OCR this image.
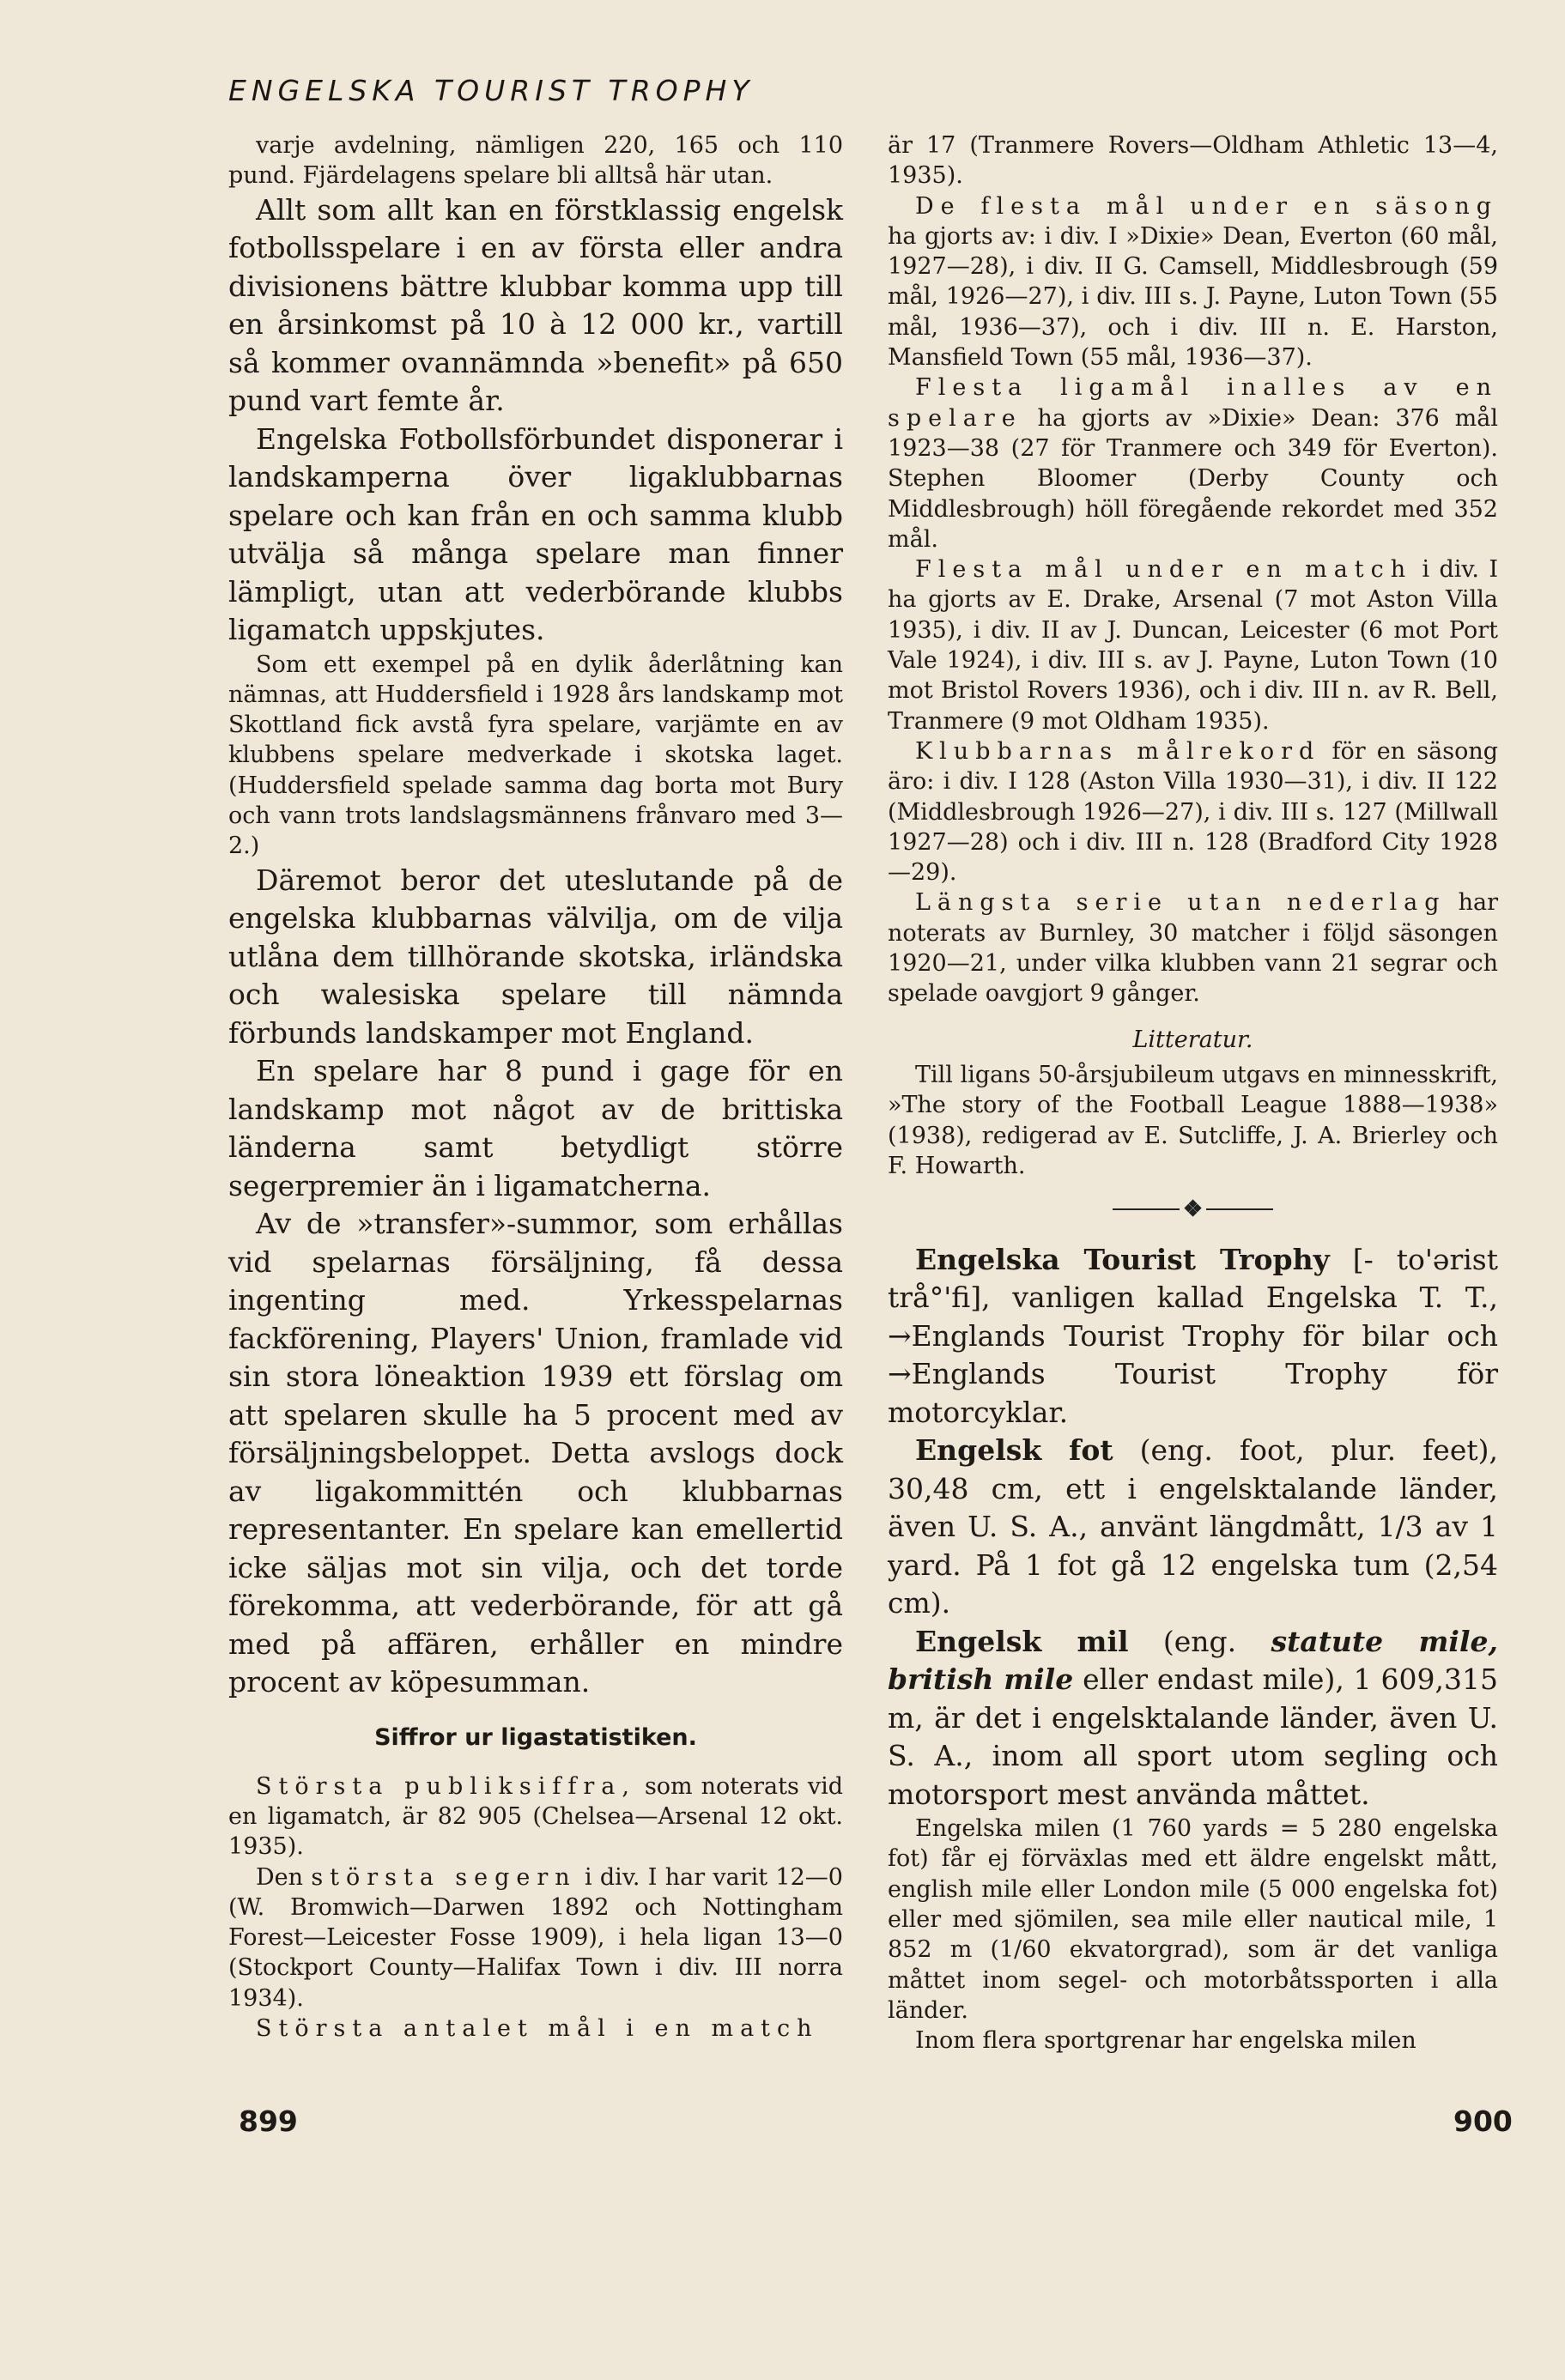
ENGELSKA TOURIST TROPHY

varje avdelning, nämligen 220, 165 och 110 pund. Fjärdelagens spelare bli alltså här utan.

Allt som allt kan en förstklassig engelsk fotbollsspelare i en av första eller andra divisionens bättre klubbar komma upp till en årsinkomst på 10 à 12 000 kr., vartill så kommer ovannämnda »benefit» på 650 pund vart femte år.

Engelska Fotbollsförbundet disponerar i landskamperna över ligaklubbarnas spelare och kan från en och samma klubb utvälja så många spelare man finner lämpligt, utan att vederbörande klubbs ligamatch uppskjutes.

Som ett exempel på en dylik åderlåtning kan nämnas, att Huddersfield i 1928 års landskamp mot Skottland fick avstå fyra spelare, varjämte en av klubbens spelare medverkade i skotska laget. (Huddersfield spelade samma dag borta mot Bury och vann trots landslagsmännens frånvaro med 3—2.)

Däremot beror det uteslutande på de engelska klubbarnas välvilja, om de vilja utlåna dem tillhörande skotska, irländska och walesiska spelare till nämnda förbunds landskamper mot England.

En spelare har 8 pund i gage för en landskamp mot något av de brittiska länderna samt betydligt större segerpremier än i ligamatcherna.

Av de »transfer»-summor, som erhållas vid spelarnas försäljning, få dessa ingenting med. Yrkesspelarnas fackförening, Players' Union, framlade vid sin stora löneaktion 1939 ett förslag om att spelaren skulle ha 5 procent med av försäljningsbeloppet. Detta avslogs dock av ligakommittén och klubbarnas representanter. En spelare kan emellertid icke säljas mot sin vilja, och det torde förekomma, att vederbörande, för att gå med på affären, erhåller en mindre procent av köpesumman.

Siffror ur ligastatistiken.

Största publiksiffra, som noterats vid en ligamatch, är 82 905 (Chelsea—Arsenal 12 okt. 1935).

Den största segern i div. I har varit 12—0 (W. Bromwich—Darwen 1892 och Nottingham Forest—Leicester Fosse 1909), i hela ligan 13—0 (Stockport County—Halifax Town i div. III norra 1934).

Största antalet mål i en match

är 17 (Tranmere Rovers—Oldham Athletic 13—4, 1935).

De flesta mål under en säsong ha gjorts av: i div. I »Dixie» Dean, Everton (60 mål, 1927—28), i div. II G. Camsell, Middlesbrough (59 mål, 1926—27), i div. III s. J. Payne, Luton Town (55 mål, 1936—37), och i div. III n. E. Harston, Mansfield Town (55 mål, 1936—37).

Flesta ligamål inalles av en spelare ha gjorts av »Dixie» Dean: 376 mål 1923—38 (27 för Tranmere och 349 för Everton). Stephen Bloomer (Derby County och Middlesbrough) höll föregående rekordet med 352 mål.

Flesta mål under en match i div. I ha gjorts av E. Drake, Arsenal (7 mot Aston Villa 1935), i div. II av J. Duncan, Leicester (6 mot Port Vale 1924), i div. III s. av J. Payne, Luton Town (10 mot Bristol Rovers 1936), och i div. III n. av R. Bell, Tranmere (9 mot Oldham 1935).

Klubbarnas målrekord för en säsong äro: i div. I 128 (Aston Villa 1930—31), i div. II 122 (Middlesbrough 1926—27), i div. III s. 127 (Millwall 1927—28) och i div. III n. 128 (Bradford City 1928—29).

Längsta serie utan nederlag har noterats av Burnley, 30 matcher i följd säsongen 1920—21, under vilka klubben vann 21 segrar och spelade oavgjort 9 gånger.

Litteratur.

Till ligans 50-årsjubileum utgavs en minnesskrift, »The story of the Football League 1888—1938» (1938), redigerad av E. Sutcliffe, J. A. Brierley och F. Howarth.

❖

Engelska Tourist Trophy [- to'ərist trå°'fi], vanligen kallad Engelska T. T., →Englands Tourist Trophy för bilar och →Englands Tourist Trophy för motorcyklar.

Engelsk fot (eng. foot, plur. feet), 30,48 cm, ett i engelsktalande länder, även U. S. A., använt längdmått, 1/3 av 1 yard. På 1 fot gå 12 engelska tum (2,54 cm).

Engelsk mil (eng. statute mile, british mile eller endast mile), 1 609,315 m, är det i engelsktalande länder, även U. S. A., inom all sport utom segling och motorsport mest använda måttet.

Engelska milen (1 760 yards = 5 280 engelska fot) får ej förväxlas med ett äldre engelskt mått, english mile eller London mile (5 000 engelska fot) eller med sjömilen, sea mile eller nautical mile, 1 852 m (1/60 ekvatorgrad), som är det vanliga måttet inom segel- och motorbåtssporten i alla länder.

Inom flera sportgrenar har engelska milen

899	900
